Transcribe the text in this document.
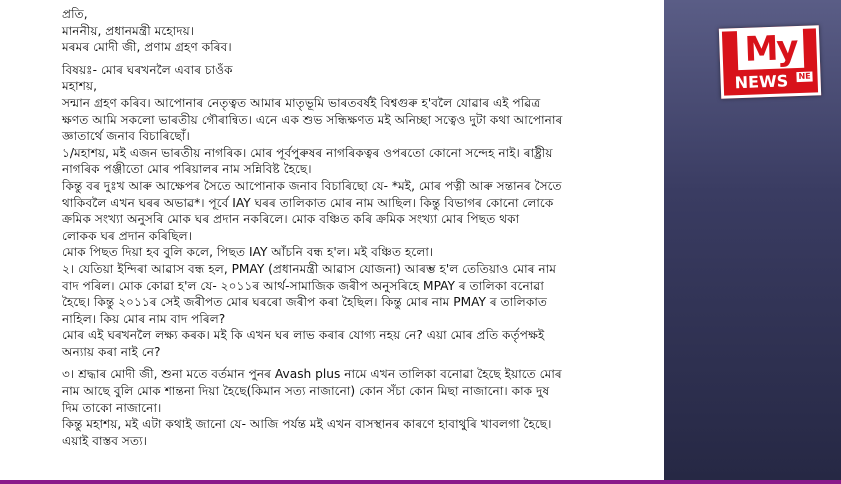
প্ৰতি,

মাননীয়, প্ৰধানমন্ত্ৰী মহোদয়।

মৰমৰ মোদী জী, প্ৰণাম গ্ৰহণ কৰিব।

বিষয়ঃ- মোৰ ঘৰখনলৈ এবাৰ চাওঁক

মহাশয়,

সন্মান গ্ৰহণ কৰিব। আপোনাৰ নেতৃত্বত আমাৰ মাতৃভূমি ভাৰতবৰ্ষই বিশ্বগুৰু হ'বলৈ যোৱাৰ এই পৱিত্ৰ

ক্ষণত আমি সকলো ভাৰতীয় গৌৰান্বিত। এনে এক শুভ সন্ধিক্ষণত মই অনিচ্ছা সত্বেও দুটা কথা আপোনাৰ

জ্ঞাতাৰ্থে জনাব বিচাৰিছোঁ।

১/মহাশয়, মই এজন ভাৰতীয় নাগৰিক। মোৰ পূৰ্বপুৰুষৰ নাগৰিকত্বৰ ওপৰতো কোনো সন্দেহ নাই। ৰাষ্ট্ৰীয়

নাগৰিক পঞ্জীতো মোৰ পৰিয়ালৰ নাম সন্নিবিষ্ট হৈছে।

কিন্তু বৰ দুঃখ আৰু আক্ষেপৰ সৈতে আপোনাক জনাব বিচাৰিছো যে- *মই, মোৰ পত্নী আৰু সন্তানৰ সৈতে

থাকিবলৈ এখন ঘৰৰ অভাৱ*। পূৰ্বে IAY ঘৰৰ তালিকাত মোৰ নাম আছিল। কিন্তু বিভাগৰ কোনো লোকে

ক্ৰমিক সংখ্যা অনুসৰি মোক ঘৰ প্ৰদান নকৰিলে। মোক বঞ্চিত কৰি ক্ৰমিক সংখ্যা মোৰ পিছত থকা

লোকক ঘৰ প্ৰদান কৰিছিল।

মোক পিছত দিয়া হব বুলি কলে, পিছত IAY আঁচনি বন্ধ হ'ল। মই বঞ্চিত হলো।

২। যেতিয়া ইন্দিৰা আৱাস বন্ধ হল, PMAY (প্ৰধানমন্ত্ৰী আৱাস যোজনা) আৰম্ভ হ'ল তেতিয়াও মোৰ নাম

বাদ পৰিল। মোক কোৱা হ'ল যে- ২০১১ৰ আৰ্থ-সামাজিক জৰীপ অনুসৰিহে MPAY ৰ তালিকা বনোৱা

হৈছে। কিন্তু ২০১১ৰ সেই জৰীপত মোৰ ঘৰৰো জৰীপ কৰা হৈছিল। কিন্তু মোৰ নাম PMAY ৰ তালিকাত

নাহিল। কিয় মোৰ নাম বাদ পৰিল?

মোৰ এই ঘৰখনলৈ লক্ষ্য কৰক। মই কি এখন ঘৰ লাভ কৰাৰ যোগ্য নহয় নে? এয়া মোৰ প্ৰতি কৰ্তৃপক্ষই

অন্যায় কৰা নাই নে?

৩। শ্ৰদ্ধাৰ মোদী জী, শুনা মতে বৰ্তমান পুনৰ Avash plus নামে এখন তালিকা বনোৱা হৈছে ইয়াতে মোৰ

নাম আছে বুলি মোক শান্তনা দিয়া হৈছে(কিমান সত্য নাজানো) কোন সঁচা কোন মিছা নাজানো। কাক দুষ

দিম তাকো নাজানো।

কিন্তু মহাশয়, মই এটা কথাই জানো যে- আজি পৰ্যন্ত মই এখন বাসস্থানৰ কাৰণে হাবাথুৰি খাবলগা হৈছে।

এয়াই বাস্তব সত্য।

My
NEWS NE
